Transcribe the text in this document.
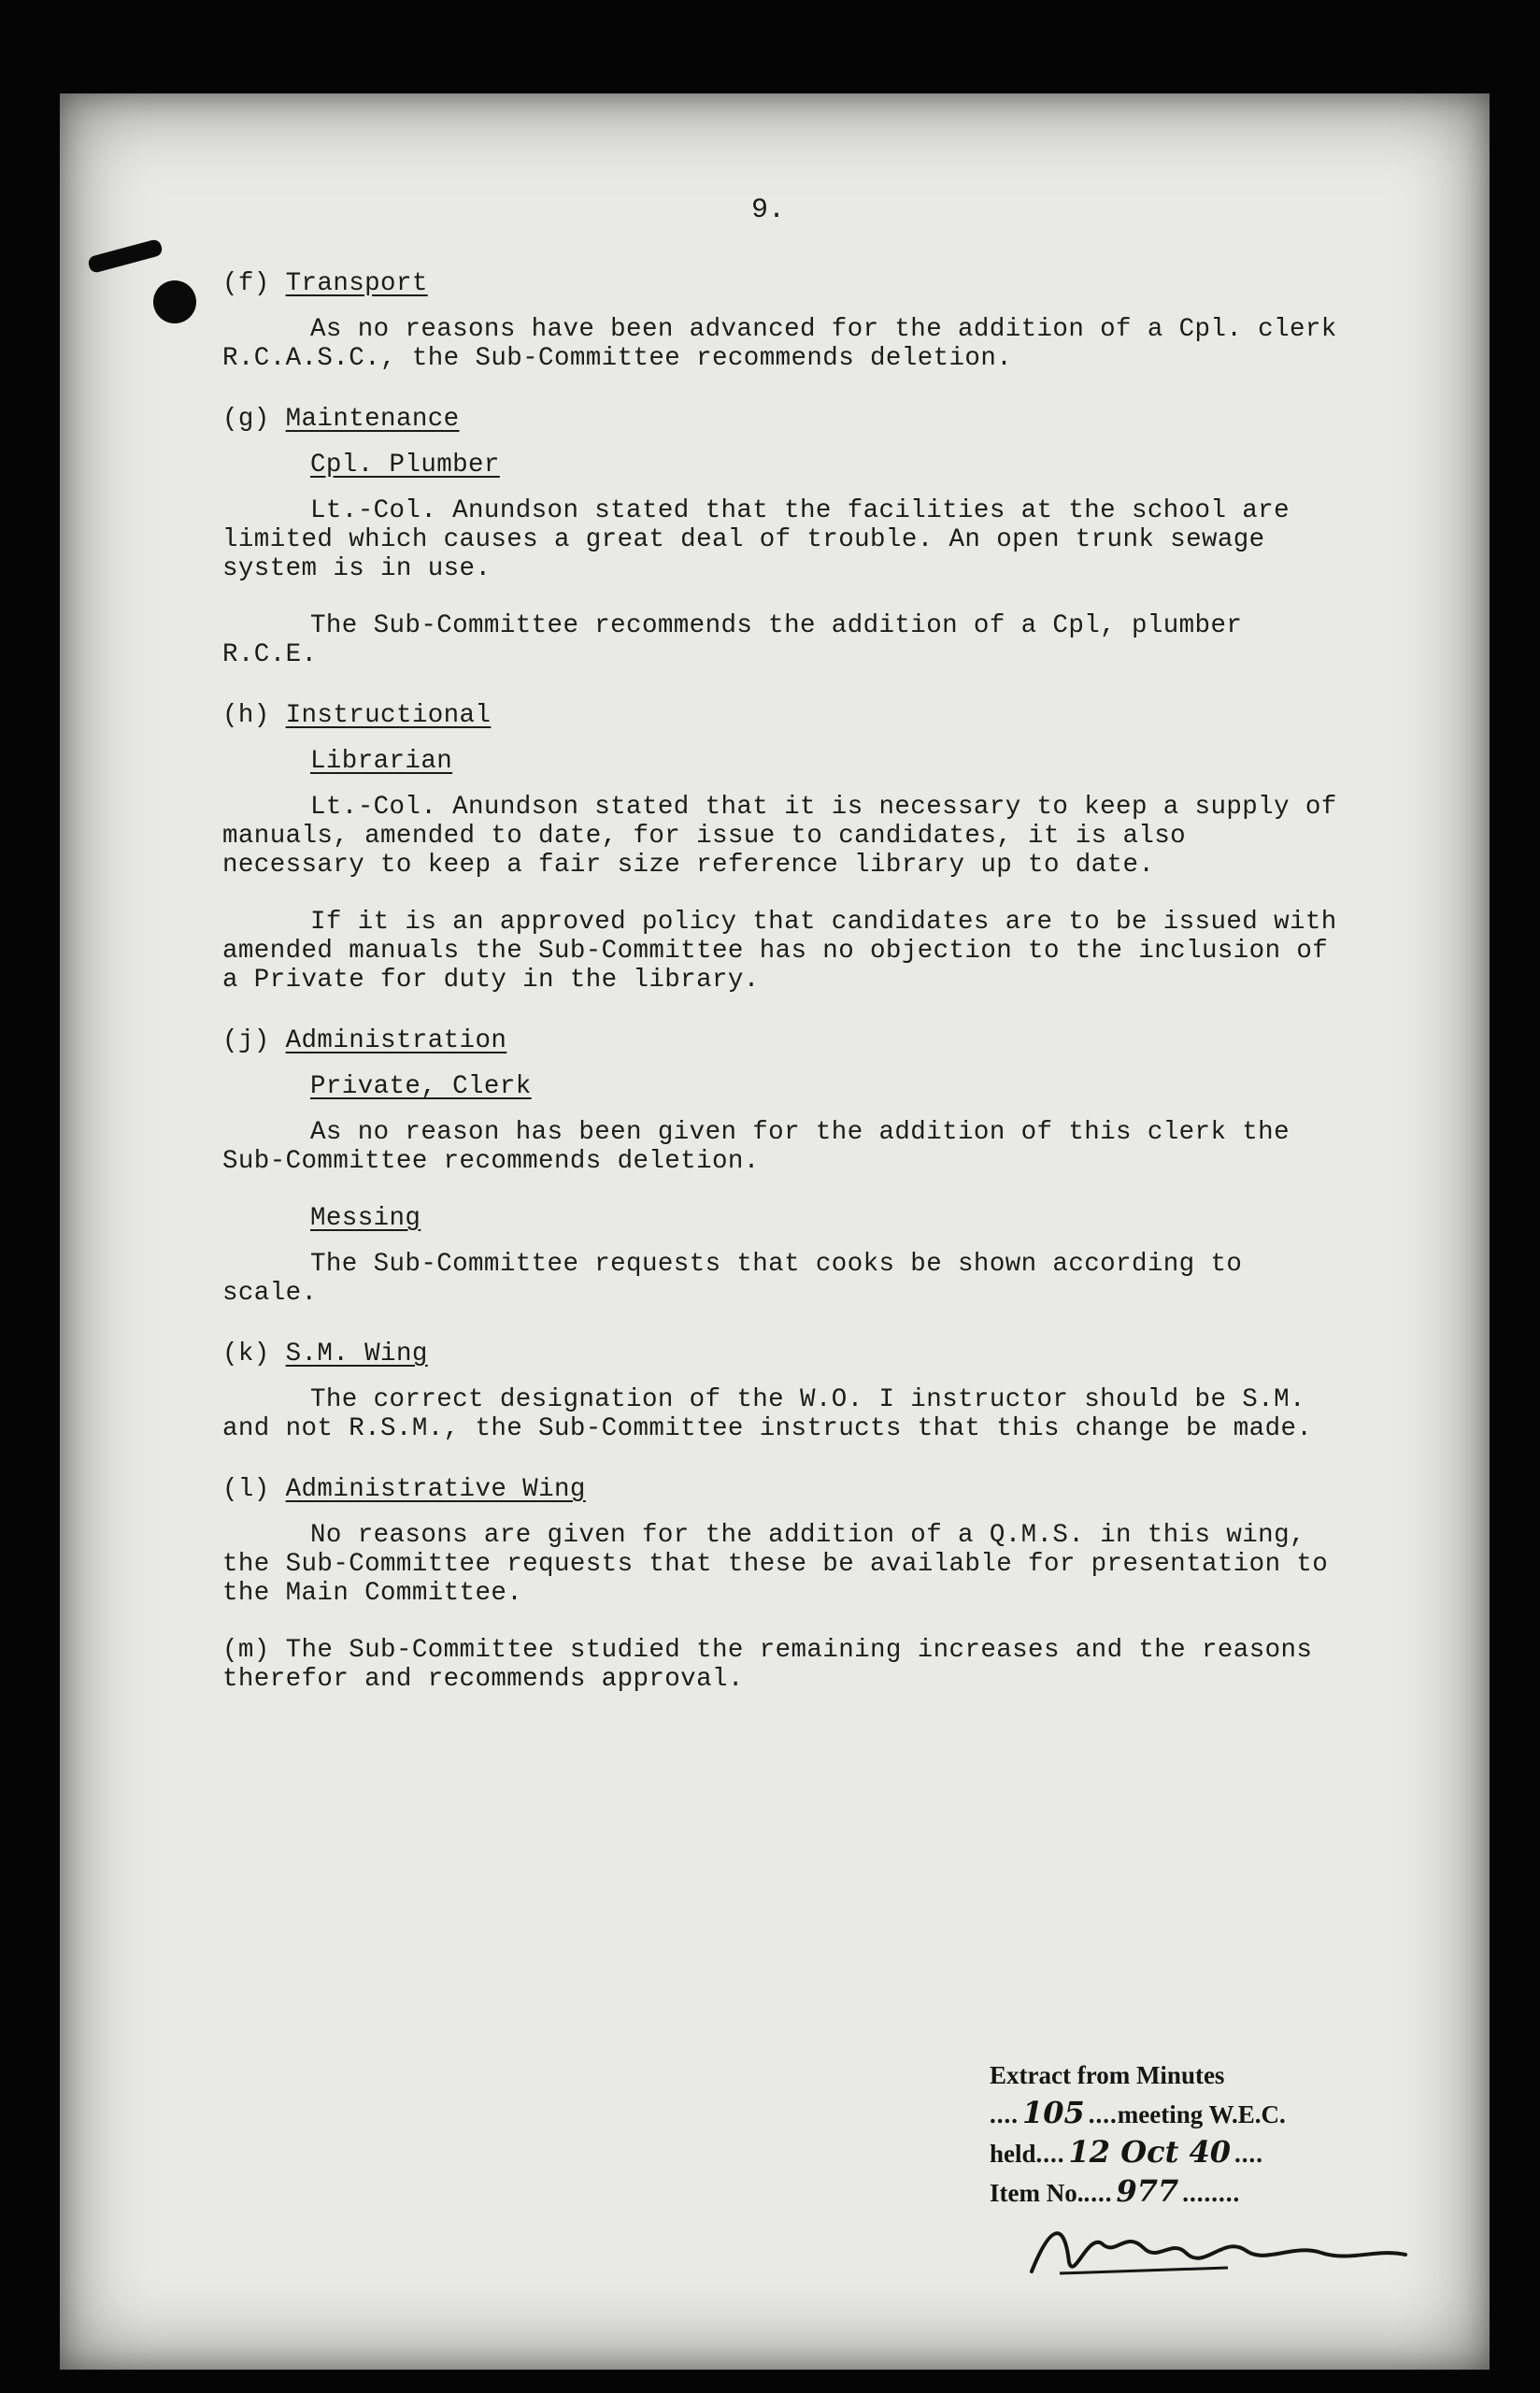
9.

(f) Transport

As no reasons have been advanced for the addition of a Cpl. clerk R.C.A.S.C., the Sub-Committee recommends deletion.

(g) Maintenance

Cpl. Plumber

Lt.-Col. Anundson stated that the facilities at the school are limited which causes a great deal of trouble. An open trunk sewage system is in use.

The Sub-Committee recommends the addition of a Cpl, plumber R.C.E.

(h) Instructional

Librarian

Lt.-Col. Anundson stated that it is necessary to keep a supply of manuals, amended to date, for issue to candidates, it is also necessary to keep a fair size reference library up to date.

If it is an approved policy that candidates are to be issued with amended manuals the Sub-Committee has no objection to the inclusion of a Private for duty in the library.

(j) Administration

Private, Clerk

As no reason has been given for the addition of this clerk the Sub-Committee recommends deletion.

Messing

The Sub-Committee requests that cooks be shown according to scale.

(k) S.M. Wing

The correct designation of the W.O. I instructor should be S.M. and not R.S.M., the Sub-Committee instructs that this change be made.

(l) Administrative Wing

No reasons are given for the addition of a Q.M.S. in this wing, the Sub-Committee requests that these be available for presentation to the Main Committee.

(m) The Sub-Committee studied the remaining increases and the reasons therefor and recommends approval.

Extract from Minutes
.... 105 ....meeting W.E.C.
held.... 12 Oct 40 ....
Item No..... 977 ........
